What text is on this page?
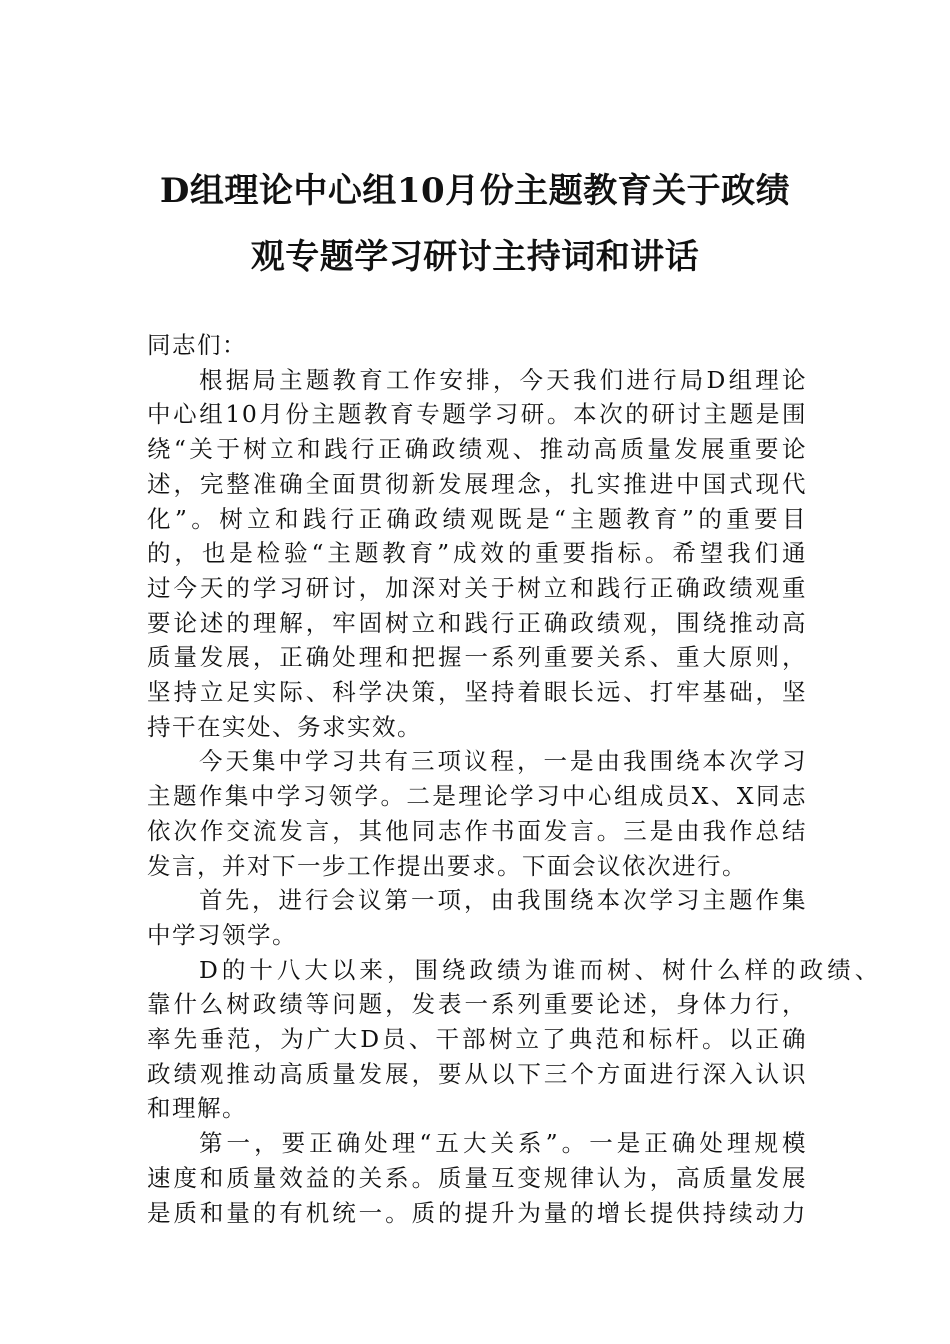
D组理论中心组10月份主题教育关于政绩
观专题学习研讨主持词和讲话
同志们：
根据局主题教育工作安排，今天我们进行局D组理论
中心组10月份主题教育专题学习研。本次的研讨主题是围
绕“关于树立和践行正确政绩观、推动高质量发展重要论
述，完整准确全面贯彻新发展理念，扎实推进中国式现代
化”。树立和践行正确政绩观既是“主题教育”的重要目
的，也是检验“主题教育”成效的重要指标。希望我们通
过今天的学习研讨，加深对关于树立和践行正确政绩观重
要论述的理解，牢固树立和践行正确政绩观，围绕推动高
质量发展，正确处理和把握一系列重要关系、重大原则，
坚持立足实际、科学决策，坚持着眼长远、打牢基础，坚
持干在实处、务求实效。
今天集中学习共有三项议程，一是由我围绕本次学习
主题作集中学习领学。二是理论学习中心组成员X、X同志
依次作交流发言，其他同志作书面发言。三是由我作总结
发言，并对下一步工作提出要求。下面会议依次进行。
首先，进行会议第一项，由我围绕本次学习主题作集
中学习领学。
D的十八大以来，围绕政绩为谁而树、树什么样的政绩、
靠什么树政绩等问题，发表一系列重要论述，身体力行，
率先垂范，为广大D员、干部树立了典范和标杆。以正确
政绩观推动高质量发展，要从以下三个方面进行深入认识
和理解。
第一，要正确处理“五大关系”。一是正确处理规模
速度和质量效益的关系。质量互变规律认为，高质量发展
是质和量的有机统一。质的提升为量的增长提供持续动力
